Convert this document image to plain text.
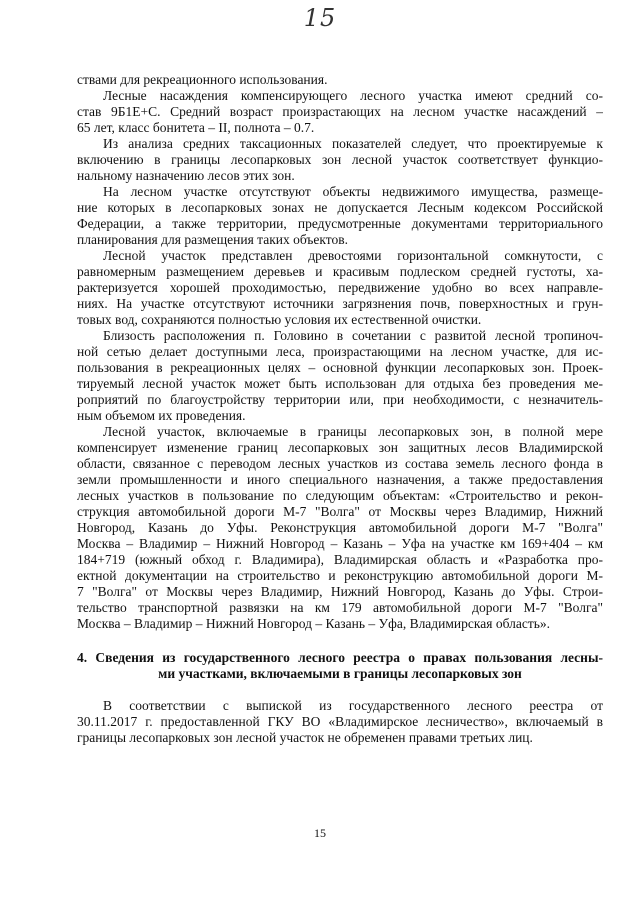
15
ствами для рекреационного использования.
Лесные насаждения компенсирующего лесного участка имеют средний со-
став 9Б1Е+С. Средний возраст произрастающих на лесном участке насаждений –
65 лет, класс бонитета – II, полнота – 0.7.
Из анализа средних таксационных показателей следует, что проектируемые к
включению в границы лесопарковых зон лесной участок соответствует функцио-
нальному назначению лесов этих зон.
На лесном участке отсутствуют объекты недвижимого имущества, размеще-
ние которых в лесопарковых зонах не допускается Лесным кодексом Российской
Федерации, а также территории, предусмотренные документами территориального
планирования для размещения таких объектов.
Лесной участок представлен древостоями горизонтальной сомкнутости, с
равномерным размещением деревьев и красивым подлеском средней густоты, ха-
рактеризуется хорошей проходимостью, передвижение удобно во всех направле-
ниях. На участке отсутствуют источники загрязнения почв, поверхностных и грун-
товых вод, сохраняются полностью условия их естественной очистки.
Близость расположения п. Головино в сочетании с развитой лесной тропиноч-
ной сетью делает доступными леса, произрастающими на лесном участке, для ис-
пользования в рекреационных целях – основной функции лесопарковых зон. Проек-
тируемый лесной участок может быть использован для отдыха без проведения ме-
роприятий по благоустройству территории или, при необходимости, с незначитель-
ным объемом их проведения.
Лесной участок, включаемые в границы лесопарковых зон, в полной мере
компенсирует изменение границ лесопарковых зон защитных лесов Владимирской
области, связанное с переводом лесных участков из состава земель лесного фонда в
земли промышленности и иного специального назначения, а также предоставления
лесных участков в пользование по следующим объектам: «Строительство и рекон-
струкция автомобильной дороги М-7 "Волга" от Москвы через Владимир, Нижний
Новгород, Казань до Уфы. Реконструкция автомобильной дороги М-7 "Волга"
Москва – Владимир – Нижний Новгород – Казань – Уфа на участке км 169+404 – км
184+719 (южный обход г. Владимира), Владимирская область и «Разработка про-
ектной документации на строительство и реконструкцию автомобильной дороги М-
7 "Волга" от Москвы через Владимир, Нижний Новгород, Казань до Уфы. Строи-
тельство транспортной развязки на км 179 автомобильной дороги М-7 "Волга"
Москва – Владимир – Нижний Новгород – Казань – Уфа, Владимирская область».
4. Сведения из государственного лесного реестра о правах пользования лесны-
ми участками, включаемыми в границы лесопарковых зон
В соответствии с выпиской из государственного лесного реестра от
30.11.2017 г. предоставленной ГКУ ВО «Владимирское лесничество», включаемый в
границы лесопарковых зон лесной участок не обременен правами третьих лиц.
15
